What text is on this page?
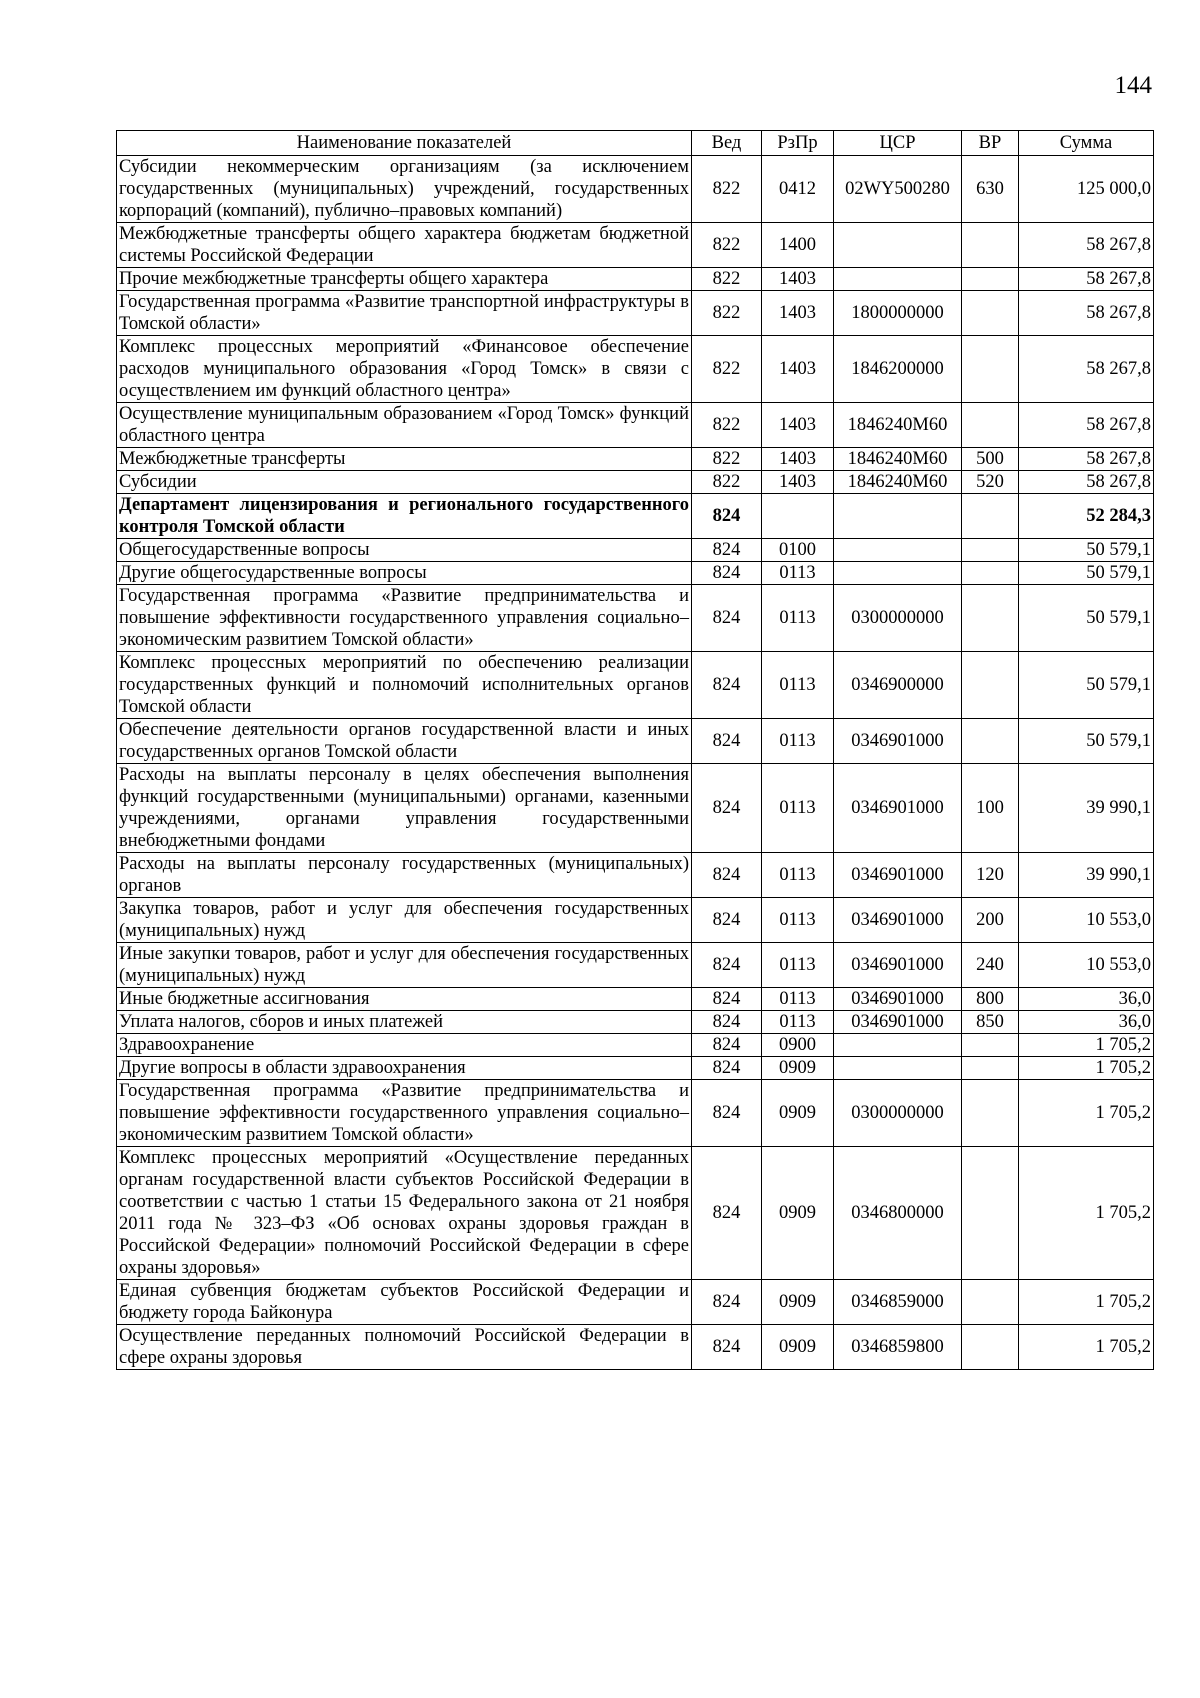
144
Наименование показателей	Вед	РзПр	ЦСР	ВР	Сумма
Субсидии некоммерческим организациям (за исключением государственных (муниципальных) учреждений, государственных корпораций (компаний), публично–правовых компаний)	822	0412	02WY500280	630	125 000,0
Межбюджетные трансферты общего характера бюджетам бюджетной системы Российской Федерации	822	1400			58 267,8
Прочие межбюджетные трансферты общего характера	822	1403			58 267,8
Государственная программа «Развитие транспортной инфраструктуры в Томской области»	822	1403	1800000000		58 267,8
Комплекс процессных мероприятий «Финансовое обеспечение расходов муниципального образования «Город Томск» в связи с осуществлением им функций областного центра»	822	1403	1846200000		58 267,8
Осуществление муниципальным образованием «Город Томск» функций областного центра	822	1403	1846240М60		58 267,8
Межбюджетные трансферты	822	1403	1846240М60	500	58 267,8
Субсидии	822	1403	1846240М60	520	58 267,8
Департамент лицензирования и регионального государственного контроля Томской области	824				52 284,3
Общегосударственные вопросы	824	0100			50 579,1
Другие общегосударственные вопросы	824	0113			50 579,1
Государственная программа «Развитие предпринимательства и повышение эффективности государственного управления социально–экономическим развитием Томской области»	824	0113	0300000000		50 579,1
Комплекс процессных мероприятий по обеспечению реализации государственных функций и полномочий исполнительных органов Томской области	824	0113	0346900000		50 579,1
Обеспечение деятельности органов государственной власти и иных государственных органов Томской области	824	0113	0346901000		50 579,1
Расходы на выплаты персоналу в целях обеспечения выполнения функций государственными (муниципальными) органами, казенными учреждениями, органами управления государственными внебюджетными фондами	824	0113	0346901000	100	39 990,1
Расходы на выплаты персоналу государственных (муниципальных) органов	824	0113	0346901000	120	39 990,1
Закупка товаров, работ и услуг для обеспечения государственных (муниципальных) нужд	824	0113	0346901000	200	10 553,0
Иные закупки товаров, работ и услуг для обеспечения государственных (муниципальных) нужд	824	0113	0346901000	240	10 553,0
Иные бюджетные ассигнования	824	0113	0346901000	800	36,0
Уплата налогов, сборов и иных платежей	824	0113	0346901000	850	36,0
Здравоохранение	824	0900			1 705,2
Другие вопросы в области здравоохранения	824	0909			1 705,2
Государственная программа «Развитие предпринимательства и повышение эффективности государственного управления социально–экономическим развитием Томской области»	824	0909	0300000000		1 705,2
Комплекс процессных мероприятий «Осуществление переданных органам государственной власти субъектов Российской Федерации в соответствии с частью 1 статьи 15 Федерального закона от 21 ноября 2011 года № 323–ФЗ «Об основах охраны здоровья граждан в Российской Федерации» полномочий Российской Федерации в сфере охраны здоровья»	824	0909	0346800000		1 705,2
Единая субвенция бюджетам субъектов Российской Федерации и бюджету города Байконура	824	0909	0346859000		1 705,2
Осуществление переданных полномочий Российской Федерации в сфере охраны здоровья	824	0909	0346859800		1 705,2
